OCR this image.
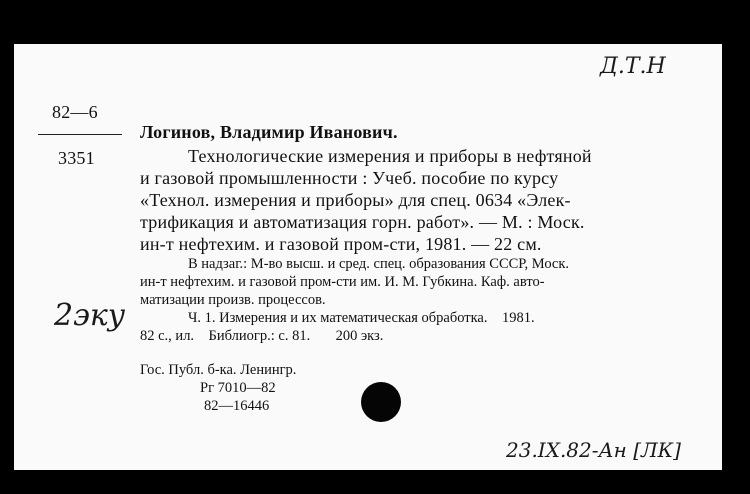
Д.Т.Н
82—6
3351
2эку
Логинов, Владимир Иванович.
Технологические измерения и приборы в нефтяной
и газовой промышленности : Учеб. пособие по курсу
«Технол. измерения и приборы» для спец. 0634 «Элек-
трификация и автоматизация горн. работ». — М. : Моск.
ин-т нефтехим. и газовой пром-сти, 1981. — 22 см.
В надзаг.: М-во высш. и сред. спец. образования СССР, Моск.
ин-т нефтехим. и газовой пром-сти им. И. М. Губкина. Каф. авто-
матизации произв. процессов.
Ч. 1. Измерения и их математическая обработка.    1981.
82 с., ил.    Библиогр.: с. 81.       200 экз.
Гос. Публ. б-ка. Ленингр.
Рг 7010—82
82—16446
23.IX.82-Ан [ЛК]
